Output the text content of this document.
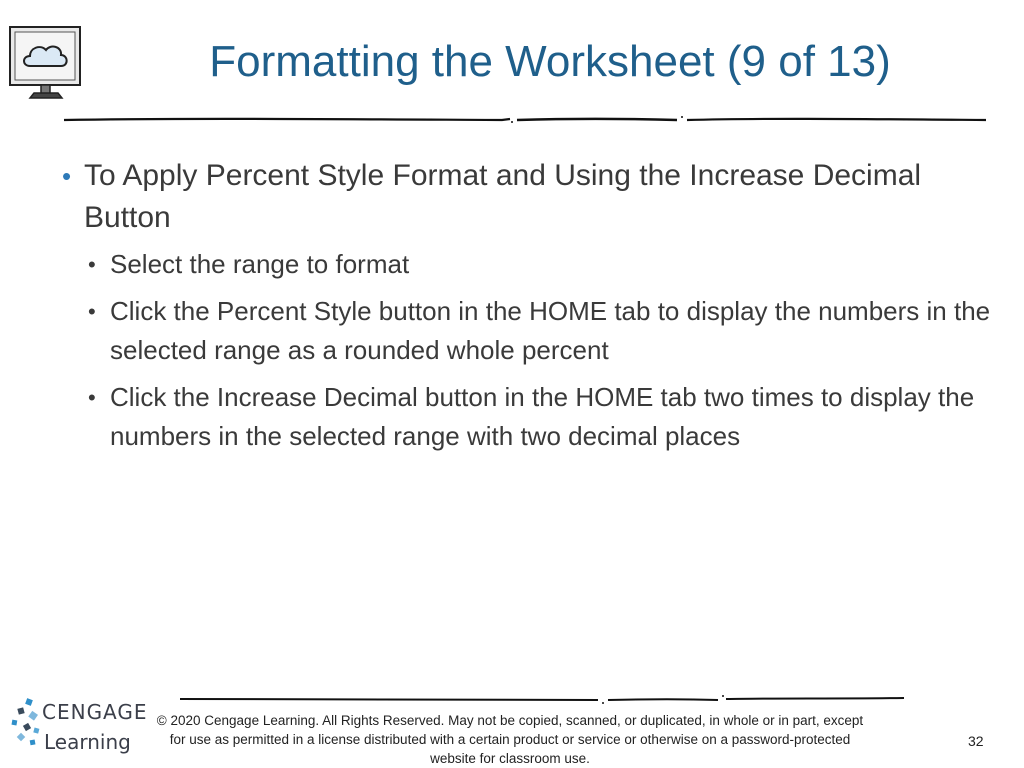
Formatting the Worksheet (9 of 13)
• To Apply Percent Style Format and Using the Increase Decimal Button
• Select the range to format
• Click the Percent Style button in the HOME tab to display the numbers in the selected range as a rounded whole percent
• Click the Increase Decimal button in the HOME tab two times to display the numbers in the selected range with two decimal places
CENGAGE
Learning
© 2020 Cengage Learning. All Rights Reserved. May not be copied, scanned, or duplicated, in whole or in part, except for use as permitted in a license distributed with a certain product or service or otherwise on a password-protected website for classroom use.
32
